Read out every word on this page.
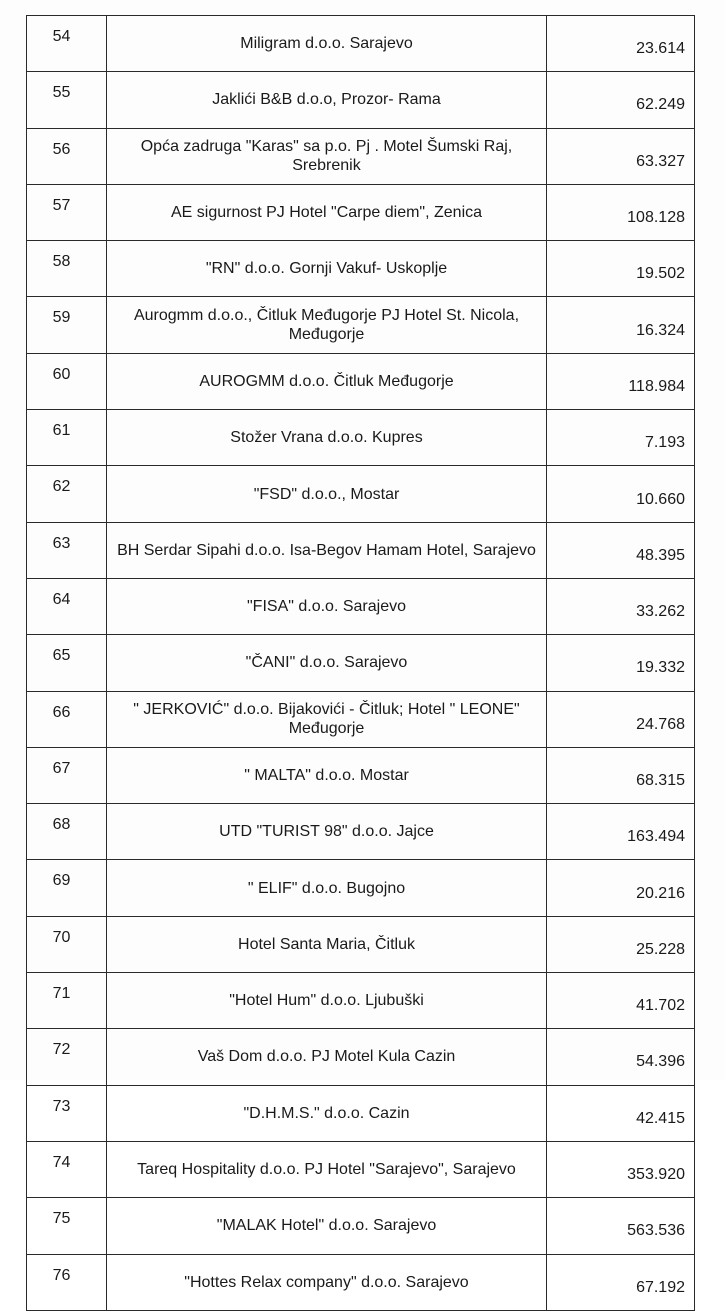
54	Miligram d.o.o. Sarajevo	23.614
55	Jaklići B&B d.o.o, Prozor- Rama	62.249
56	Opća zadruga "Karas" sa p.o. Pj . Motel Šumski Raj, Srebrenik	63.327
57	AE sigurnost PJ Hotel "Carpe diem", Zenica	108.128
58	"RN" d.o.o. Gornji Vakuf- Uskoplje	19.502
59	Aurogmm d.o.o., Čitluk Međugorje PJ Hotel St. Nicola, Međugorje	16.324
60	AUROGMM d.o.o. Čitluk Međugorje	118.984
61	Stožer Vrana d.o.o. Kupres	7.193
62	"FSD" d.o.o., Mostar	10.660
63	BH Serdar Sipahi d.o.o. Isa-Begov Hamam Hotel, Sarajevo	48.395
64	"FISA" d.o.o. Sarajevo	33.262
65	"ČANI" d.o.o. Sarajevo	19.332
66	" JERKOVIĆ" d.o.o. Bijakovići - Čitluk; Hotel " LEONE" Međugorje	24.768
67	" MALTA" d.o.o. Mostar	68.315
68	UTD "TURIST 98" d.o.o. Jajce	163.494
69	" ELIF" d.o.o. Bugojno	20.216
70	Hotel Santa Maria, Čitluk	25.228
71	"Hotel Hum" d.o.o. Ljubuški	41.702
72	Vaš Dom d.o.o. PJ Motel Kula Cazin	54.396
73	"D.H.M.S." d.o.o. Cazin	42.415
74	Tareq Hospitality d.o.o. PJ Hotel "Sarajevo", Sarajevo	353.920
75	"MALAK Hotel" d.o.o. Sarajevo	563.536
76	"Hottes Relax company" d.o.o. Sarajevo	67.192
